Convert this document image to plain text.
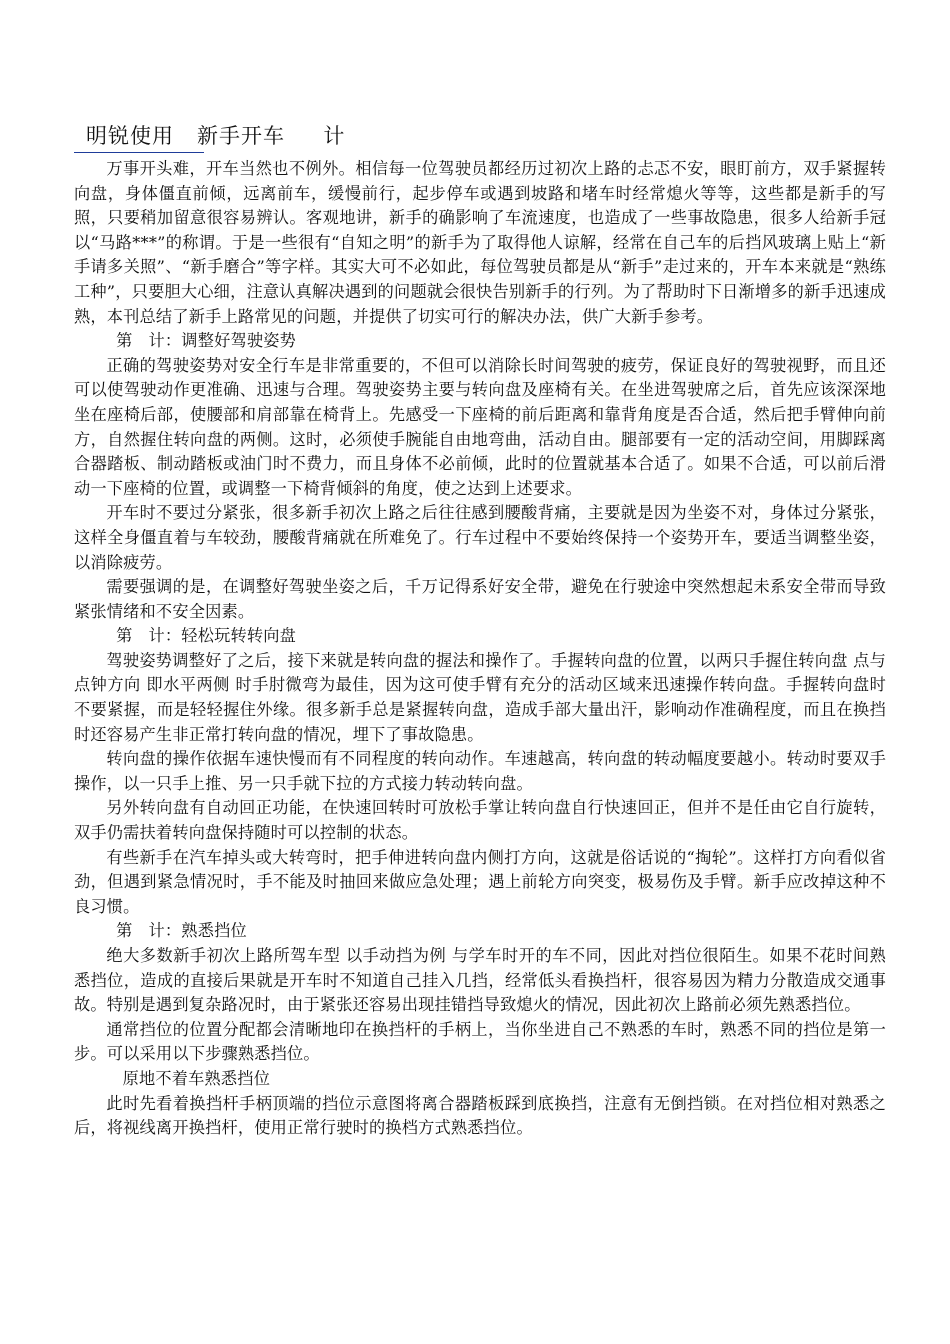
明锐使用   新手开车     计

万事开头难，开车当然也不例外。相信每一位驾驶员都经历过初次上路的忐忑不安，眼盯前方，双手紧握转向盘，身体僵直前倾，远离前车，缓慢前行，起步停车或遇到坡路和堵车时经常熄火等等，这些都是新手的写照，只要稍加留意很容易辨认。客观地讲，新手的确影响了车流速度，也造成了一些事故隐患，很多人给新手冠以“马路***”的称谓。于是一些很有“自知之明”的新手为了取得他人谅解，经常在自己车的后挡风玻璃上贴上“新手请多关照”、“新手磨合”等字样。其实大可不必如此，每位驾驶员都是从“新手”走过来的，开车本来就是“熟练工种”，只要胆大心细，注意认真解决遇到的问题就会很快告别新手的行列。为了帮助时下日渐增多的新手迅速成熟，本刊总结了新手上路常见的问题，并提供了切实可行的解决办法，供广大新手参考。

第   计：调整好驾驶姿势

正确的驾驶姿势对安全行车是非常重要的，不但可以消除长时间驾驶的疲劳，保证良好的驾驶视野，而且还可以使驾驶动作更准确、迅速与合理。驾驶姿势主要与转向盘及座椅有关。在坐进驾驶席之后，首先应该深深地坐在座椅后部，使腰部和肩部靠在椅背上。先感受一下座椅的前后距离和靠背角度是否合适，然后把手臂伸向前方，自然握住转向盘的两侧。这时，必须使手腕能自由地弯曲，活动自由。腿部要有一定的活动空间，用脚踩离合器踏板、制动踏板或油门时不费力，而且身体不必前倾，此时的位置就基本合适了。如果不合适，可以前后滑动一下座椅的位置，或调整一下椅背倾斜的角度，使之达到上述要求。

开车时不要过分紧张，很多新手初次上路之后往往感到腰酸背痛，主要就是因为坐姿不对，身体过分紧张，这样全身僵直着与车较劲，腰酸背痛就在所难免了。行车过程中不要始终保持一个姿势开车，要适当调整坐姿，以消除疲劳。

需要强调的是，在调整好驾驶坐姿之后，千万记得系好安全带，避免在行驶途中突然想起未系安全带而导致紧张情绪和不安全因素。

第   计：轻松玩转转向盘

驾驶姿势调整好了之后，接下来就是转向盘的握法和操作了。手握转向盘的位置，以两只手握住转向盘 点与 点钟方向 即水平两侧 时手肘微弯为最佳，因为这可使手臂有充分的活动区域来迅速操作转向盘。手握转向盘时不要紧握，而是轻轻握住外缘。很多新手总是紧握转向盘，造成手部大量出汗，影响动作准确程度，而且在换挡时还容易产生非正常打转向盘的情况，埋下了事故隐患。

转向盘的操作依据车速快慢而有不同程度的转向动作。车速越高，转向盘的转动幅度要越小。转动时要双手操作，以一只手上推、另一只手就下拉的方式接力转动转向盘。

另外转向盘有自动回正功能，在快速回转时可放松手掌让转向盘自行快速回正，但并不是任由它自行旋转，双手仍需扶着转向盘保持随时可以控制的状态。

有些新手在汽车掉头或大转弯时，把手伸进转向盘内侧打方向，这就是俗话说的“掏轮”。这样打方向看似省劲，但遇到紧急情况时，手不能及时抽回来做应急处理；遇上前轮方向突变，极易伤及手臂。新手应改掉这种不良习惯。

第   计：熟悉挡位

绝大多数新手初次上路所驾车型 以手动挡为例 与学车时开的车不同，因此对挡位很陌生。如果不花时间熟悉挡位，造成的直接后果就是开车时不知道自己挂入几挡，经常低头看换挡杆，很容易因为精力分散造成交通事故。特别是遇到复杂路况时，由于紧张还容易出现挂错挡导致熄火的情况，因此初次上路前必须先熟悉挡位。

通常挡位的位置分配都会清晰地印在换挡杆的手柄上，当你坐进自己不熟悉的车时，熟悉不同的挡位是第一步。可以采用以下步骤熟悉挡位。

原地不着车熟悉挡位

此时先看着换挡杆手柄顶端的挡位示意图将离合器踏板踩到底换挡，注意有无倒挡锁。在对挡位相对熟悉之后，将视线离开换挡杆，使用正常行驶时的换档方式熟悉挡位。
